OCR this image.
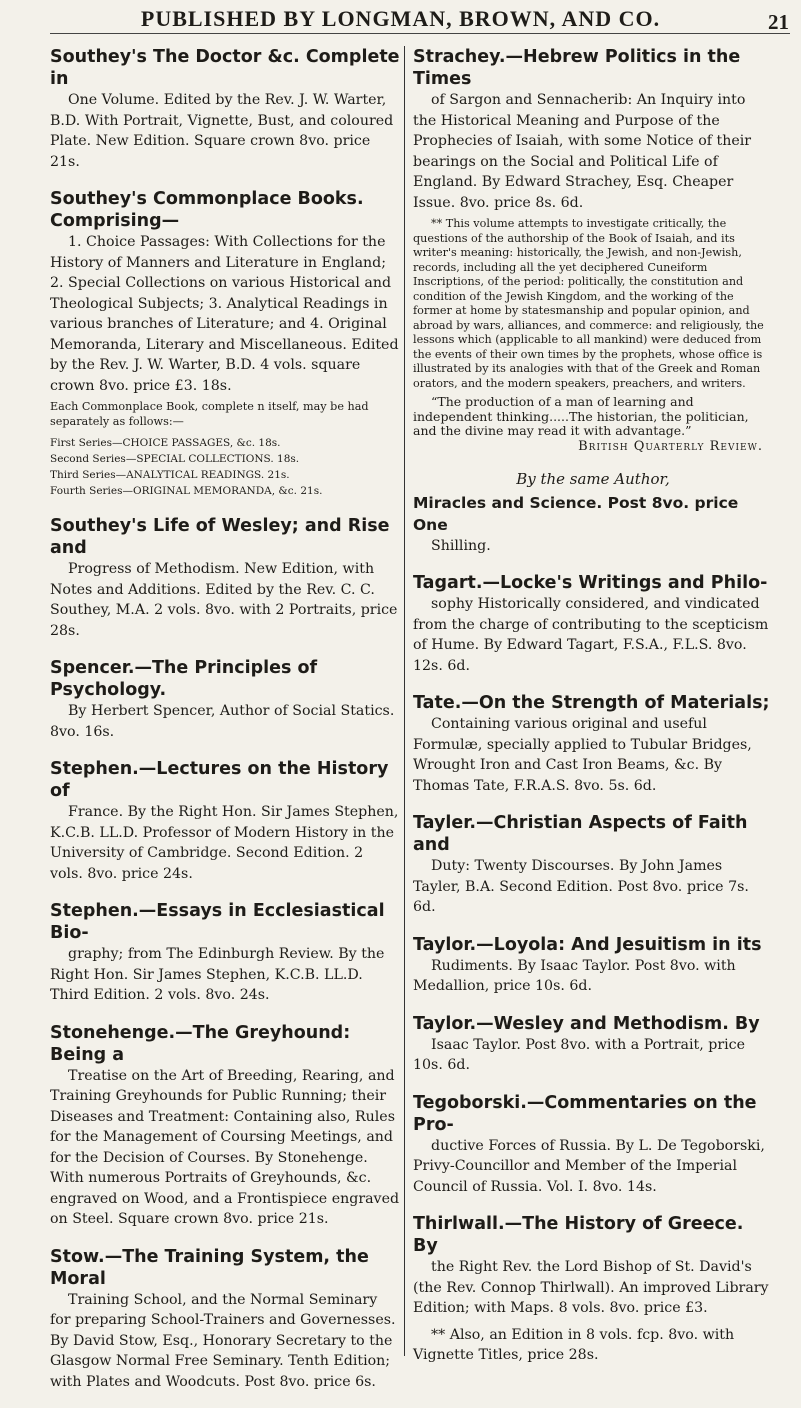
PUBLISHED BY LONGMAN, BROWN, AND CO.	21

Southey's The Doctor &c. Complete in

One Volume. Edited by the Rev. J. W. Warter, B.D. With Portrait, Vignette, Bust, and coloured Plate. New Edition. Square crown 8vo. price 21s.

Southey's Commonplace Books. Comprising—

1. Choice Passages: With Collections for the History of Manners and Literature in England; 2. Special Collections on various Historical and Theological Subjects; 3. Analytical Readings in various branches of Literature; and 4. Original Memoranda, Literary and Miscellaneous. Edited by the Rev. J. W. Warter, B.D. 4 vols. square crown 8vo. price £3. 18s.

Each Commonplace Book, complete n itself, may be had separately as follows:—

First Series—CHOICE PASSAGES, &c. 18s.
Second Series—SPECIAL COLLECTIONS. 18s.
Third Series—ANALYTICAL READINGS. 21s.
Fourth Series—ORIGINAL MEMORANDA, &c. 21s.

Southey's Life of Wesley; and Rise and

Progress of Methodism. New Edition, with Notes and Additions. Edited by the Rev. C. C. Southey, M.A. 2 vols. 8vo. with 2 Portraits, price 28s.

Spencer.—The Principles of Psychology.

By Herbert Spencer, Author of Social Statics. 8vo. 16s.

Stephen.—Lectures on the History of

France. By the Right Hon. Sir James Stephen, K.C.B. LL.D. Professor of Modern History in the University of Cambridge. Second Edition. 2 vols. 8vo. price 24s.

Stephen.—Essays in Ecclesiastical Bio-

graphy; from The Edinburgh Review. By the Right Hon. Sir James Stephen, K.C.B. LL.D. Third Edition. 2 vols. 8vo. 24s.

Stonehenge.—The Greyhound: Being a

Treatise on the Art of Breeding, Rearing, and Training Greyhounds for Public Running; their Diseases and Treatment: Containing also, Rules for the Management of Coursing Meetings, and for the Decision of Courses. By Stonehenge. With numerous Portraits of Greyhounds, &c. engraved on Wood, and a Frontispiece engraved on Steel. Square crown 8vo. price 21s.

Stow.—The Training System, the Moral

Training School, and the Normal Seminary for preparing School-Trainers and Governesses. By David Stow, Esq., Honorary Secretary to the Glasgow Normal Free Seminary. Tenth Edition; with Plates and Woodcuts. Post 8vo. price 6s.

Strachey.—Hebrew Politics in the Times

of Sargon and Sennacherib: An Inquiry into the Historical Meaning and Purpose of the Prophecies of Isaiah, with some Notice of their bearings on the Social and Political Life of England. By Edward Strachey, Esq. Cheaper Issue. 8vo. price 8s. 6d.

** This volume attempts to investigate critically, the questions of the authorship of the Book of Isaiah, and its writer's meaning: historically, the Jewish, and non-Jewish, records, including all the yet deciphered Cuneiform Inscriptions, of the period: politically, the constitution and condition of the Jewish Kingdom, and the working of the former at home by statesmanship and popular opinion, and abroad by wars, alliances, and commerce: and religiously, the lessons which (applicable to all mankind) were deduced from the events of their own times by the prophets, whose office is illustrated by its analogies with that of the Greek and Roman orators, and the modern speakers, preachers, and writers.

“The production of a man of learning and independent thinking.....The historian, the politician, and the divine may read it with advantage.”

British Quarterly Review.

By the same Author,

Miracles and Science. Post 8vo. price One

Shilling.

Tagart.—Locke's Writings and Philo-

sophy Historically considered, and vindicated from the charge of contributing to the scepticism of Hume. By Edward Tagart, F.S.A., F.L.S. 8vo. 12s. 6d.

Tate.—On the Strength of Materials;

Containing various original and useful Formulæ, specially applied to Tubular Bridges, Wrought Iron and Cast Iron Beams, &c. By Thomas Tate, F.R.A.S. 8vo. 5s. 6d.

Tayler.—Christian Aspects of Faith and

Duty: Twenty Discourses. By John James Tayler, B.A. Second Edition. Post 8vo. price 7s. 6d.

Taylor.—Loyola: And Jesuitism in its

Rudiments. By Isaac Taylor. Post 8vo. with Medallion, price 10s. 6d.

Taylor.—Wesley and Methodism. By

Isaac Taylor. Post 8vo. with a Portrait, price 10s. 6d.

Tegoborski.—Commentaries on the Pro-

ductive Forces of Russia. By L. De Tegoborski, Privy-Councillor and Member of the Imperial Council of Russia. Vol. I. 8vo. 14s.

Thirlwall.—The History of Greece. By

the Right Rev. the Lord Bishop of St. David's (the Rev. Connop Thirlwall). An improved Library Edition; with Maps. 8 vols. 8vo. price £3.

** Also, an Edition in 8 vols. fcp. 8vo. with Vignette Titles, price 28s.
